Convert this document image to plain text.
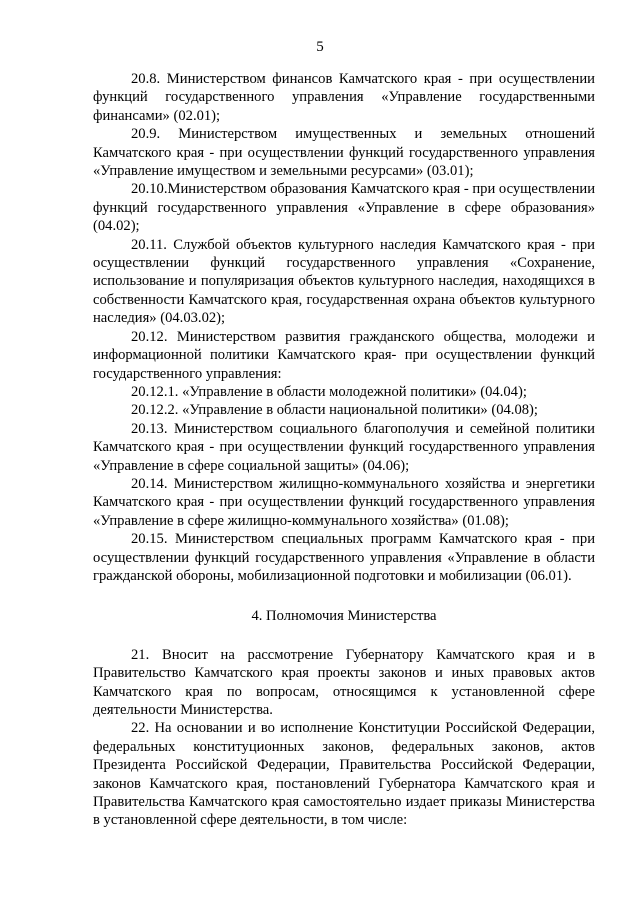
5

20.8. Министерством финансов Камчатского края - при осуществлении функций государственного управления «Управление государственными финансами» (02.01);

20.9. Министерством имущественных и земельных отношений Камчатского края - при осуществлении функций государственного управления «Управление имуществом и земельными ресурсами» (03.01);

20.10.Министерством образования Камчатского края - при осуществлении функций государственного управления «Управление в сфере образования» (04.02);

20.11. Службой объектов культурного наследия Камчатского края - при осуществлении функций государственного управления «Сохранение, использование и популяризация объектов культурного наследия, находящихся в собственности Камчатского края, государственная охрана объектов культурного наследия» (04.03.02);

20.12. Министерством развития гражданского общества, молодежи и информационной политики Камчатского края- при осуществлении функций государственного управления:

20.12.1. «Управление в области молодежной политики» (04.04);

20.12.2. «Управление в области национальной политики» (04.08);

20.13. Министерством социального благополучия и семейной политики Камчатского края - при осуществлении функций государственного управления «Управление в сфере социальной защиты» (04.06);

20.14. Министерством жилищно-коммунального хозяйства и энергетики Камчатского края - при осуществлении функций государственного управления «Управление в сфере жилищно-коммунального хозяйства» (01.08);

20.15. Министерством специальных программ Камчатского края - при осуществлении функций государственного управления «Управление в области гражданской обороны, мобилизационной подготовки и мобилизации (06.01).

4. Полномочия Министерства

21. Вносит на рассмотрение Губернатору Камчатского края и в Правительство Камчатского края проекты законов и иных правовых актов Камчатского края по вопросам, относящимся к установленной сфере деятельности Министерства.

22. На основании и во исполнение Конституции Российской Федерации, федеральных конституционных законов, федеральных законов, актов Президента Российской Федерации, Правительства Российской Федерации, законов Камчатского края, постановлений Губернатора Камчатского края и Правительства Камчатского края самостоятельно издает приказы Министерства в установленной сфере деятельности, в том числе:
